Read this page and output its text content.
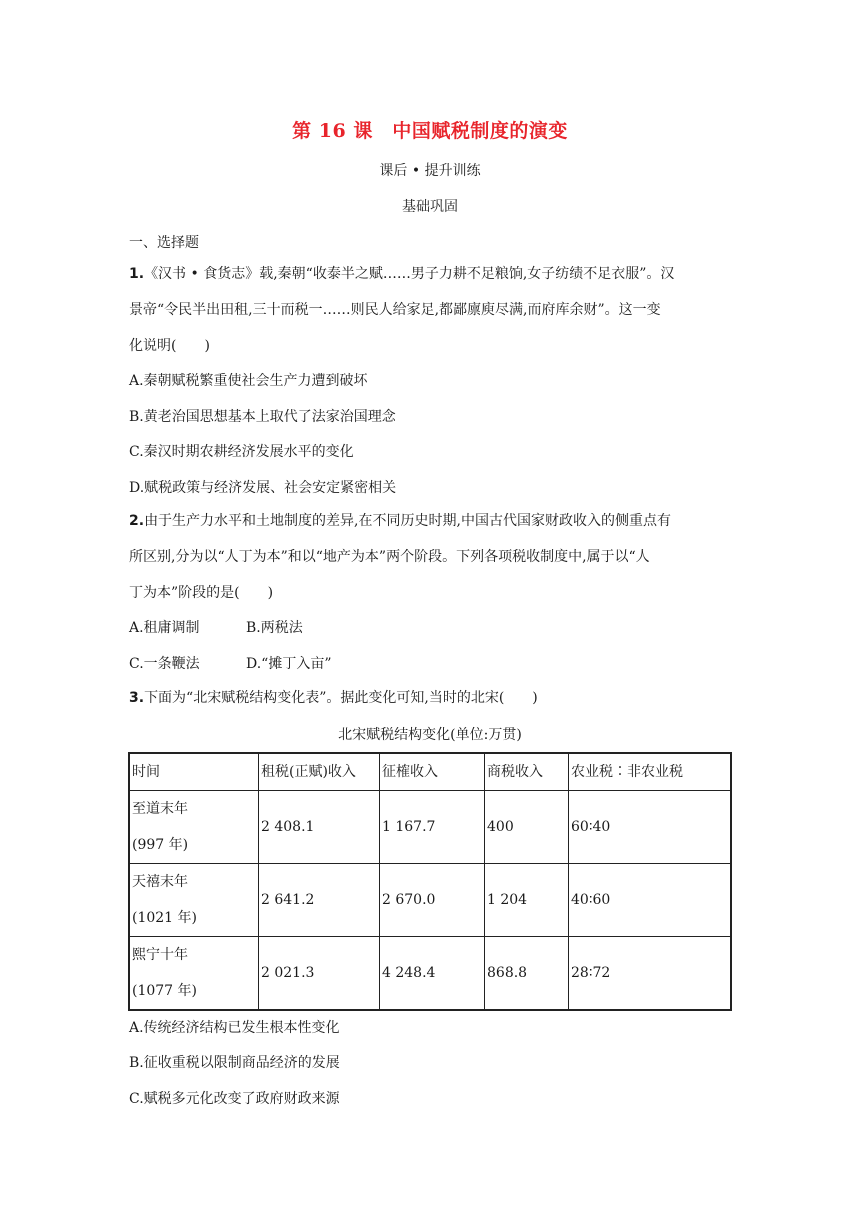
第 16 课　中国赋税制度的演变
课后 • 提升训练
基础巩固
一、选择题
1.《汉书 • 食货志》载,秦朝“收泰半之赋……男子力耕不足粮饷,女子纺绩不足衣服”。汉
景帝“令民半出田租,三十而税一……则民人给家足,都鄙廪庾尽满,而府库余财”。这一变
化说明(　　)
A.秦朝赋税繁重使社会生产力遭到破坏
B.黄老治国思想基本上取代了法家治国理念
C.秦汉时期农耕经济发展水平的变化
D.赋税政策与经济发展、社会安定紧密相关
2.由于生产力水平和土地制度的差异,在不同历史时期,中国古代国家财政收入的侧重点有
所区别,分为以“人丁为本”和以“地产为本”两个阶段。下列各项税收制度中,属于以“人
丁为本”阶段的是(　　)
A.租庸调制	B.两税法
C.一条鞭法	D.“摊丁入亩”
3.下面为“北宋赋税结构变化表”。据此变化可知,当时的北宋(　　)
北宋赋税结构变化(单位:万贯)
时间	租税(正赋)收入	征榷收入	商税收入	农业税∶非农业税

至道末年
(997 年)	2 408.1	1 167.7	400	60∶40

天禧末年
(1021 年)	2 641.2	2 670.0	1 204	40∶60

熙宁十年
(1077 年)	2 021.3	4 248.4	868.8	28∶72
A.传统经济结构已发生根本性变化
B.征收重税以限制商品经济的发展
C.赋税多元化改变了政府财政来源
